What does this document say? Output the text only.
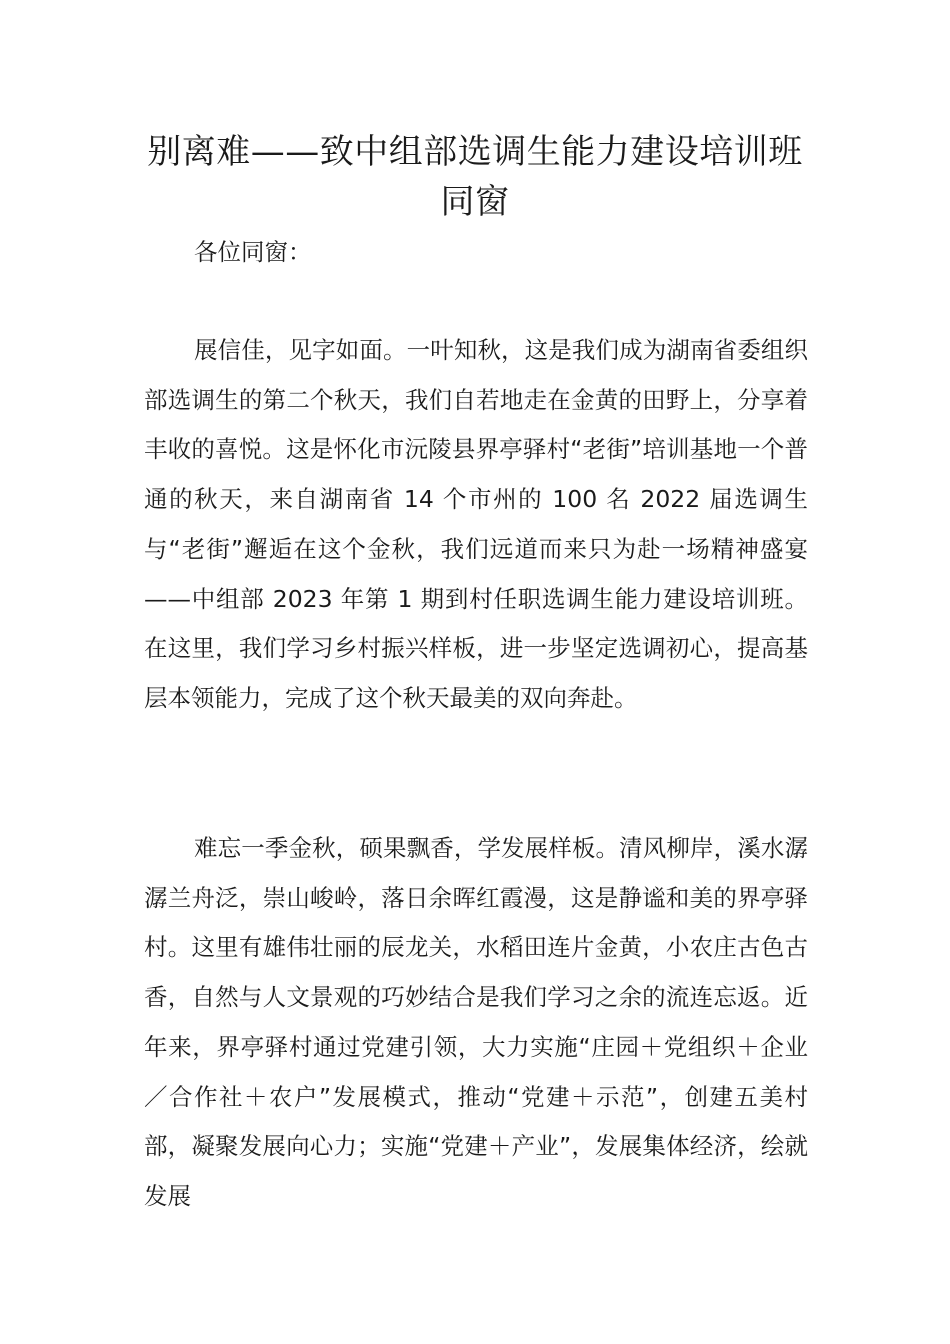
别离难——致中组部选调生能力建设培训班同窗

各位同窗：

展信佳，见字如面。一叶知秋，这是我们成为湖南省委组织部选调生的第二个秋天，我们自若地走在金黄的田野上，分享着丰收的喜悦。这是怀化市沅陵县界亭驿村“老街”培训基地一个普通的秋天，来自湖南省 14 个市州的 100 名 2022 届选调生与“老街”邂逅在这个金秋，我们远道而来只为赴一场精神盛宴——中组部 2023 年第 1 期到村任职选调生能力建设培训班。在这里，我们学习乡村振兴样板，进一步坚定选调初心，提高基层本领能力，完成了这个秋天最美的双向奔赴。

难忘一季金秋，硕果飘香，学发展样板。清风柳岸，溪水潺潺兰舟泛，崇山峻岭，落日余晖红霞漫，这是静谧和美的界亭驿村。这里有雄伟壮丽的辰龙关，水稻田连片金黄，小农庄古色古香，自然与人文景观的巧妙结合是我们学习之余的流连忘返。近年来，界亭驿村通过党建引领，大力实施“庄园＋党组织＋企业／合作社＋农户”发展模式，推动“党建＋示范”，创建五美村部，凝聚发展向心力；实施“党建＋产业”，发展集体经济，绘就发展
